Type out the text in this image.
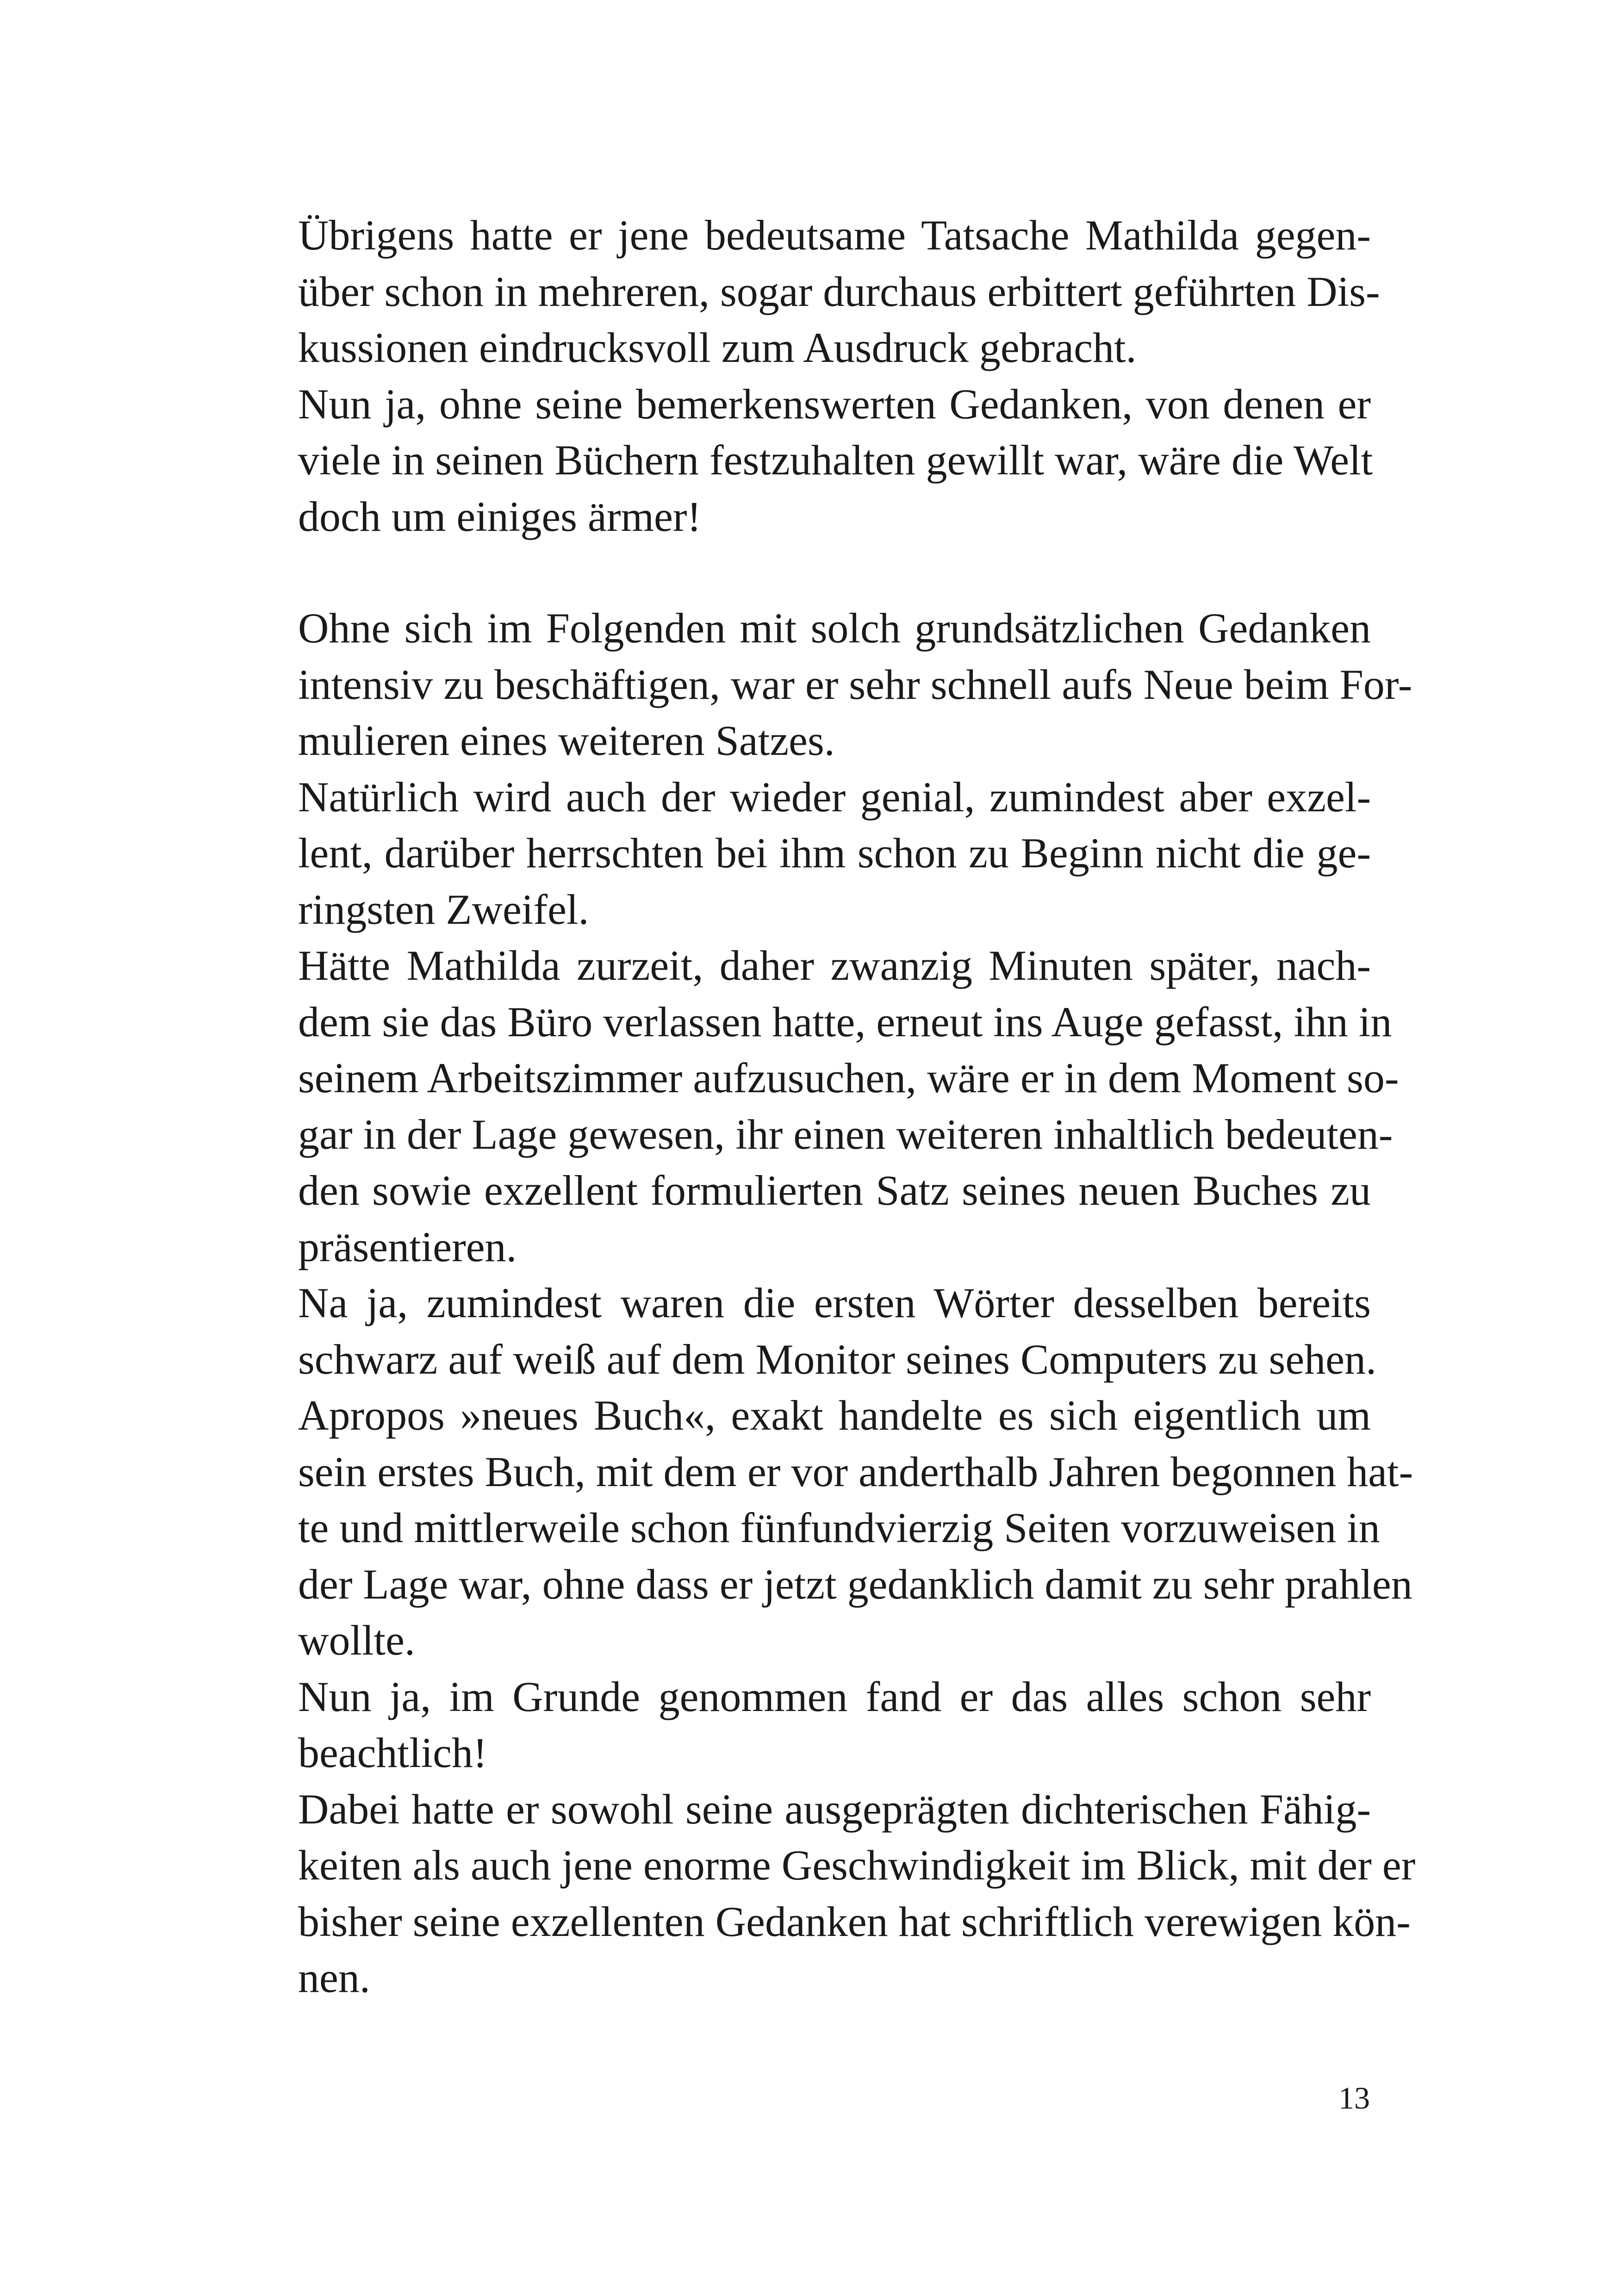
Übrigens hatte er jene bedeutsame Tatsache Mathilda gegen-
über schon in mehreren, sogar durchaus erbittert geführten Dis-
kussionen eindrucksvoll zum Ausdruck gebracht.

Nun ja, ohne seine bemerkenswerten Gedanken, von denen er
viele in seinen Büchern festzuhalten gewillt war, wäre die Welt
doch um einiges ärmer!

Ohne sich im Folgenden mit solch grundsätzlichen Gedanken
intensiv zu beschäftigen, war er sehr schnell aufs Neue beim For-
mulieren eines weiteren Satzes.

Natürlich wird auch der wieder genial, zumindest aber exzel-
lent, darüber herrschten bei ihm schon zu Beginn nicht die ge-
ringsten Zweifel.

Hätte Mathilda zurzeit, daher zwanzig Minuten später, nach-
dem sie das Büro verlassen hatte, erneut ins Auge gefasst, ihn in
seinem Arbeitszimmer aufzusuchen, wäre er in dem Moment so-
gar in der Lage gewesen, ihr einen weiteren inhaltlich bedeuten-
den sowie exzellent formulierten Satz seines neuen Buches zu
präsentieren.

Na ja, zumindest waren die ersten Wörter desselben bereits
schwarz auf weiß auf dem Monitor seines Computers zu sehen.

Apropos »neues Buch«, exakt handelte es sich eigentlich um
sein erstes Buch, mit dem er vor anderthalb Jahren begonnen hat-
te und mittlerweile schon fünfundvierzig Seiten vorzuweisen in
der Lage war, ohne dass er jetzt gedanklich damit zu sehr prahlen
wollte.

Nun ja, im Grunde genommen fand er das alles schon sehr
beachtlich!

Dabei hatte er sowohl seine ausgeprägten dichterischen Fähig-
keiten als auch jene enorme Geschwindigkeit im Blick, mit der er
bisher seine exzellenten Gedanken hat schriftlich verewigen kön-
nen.

13
